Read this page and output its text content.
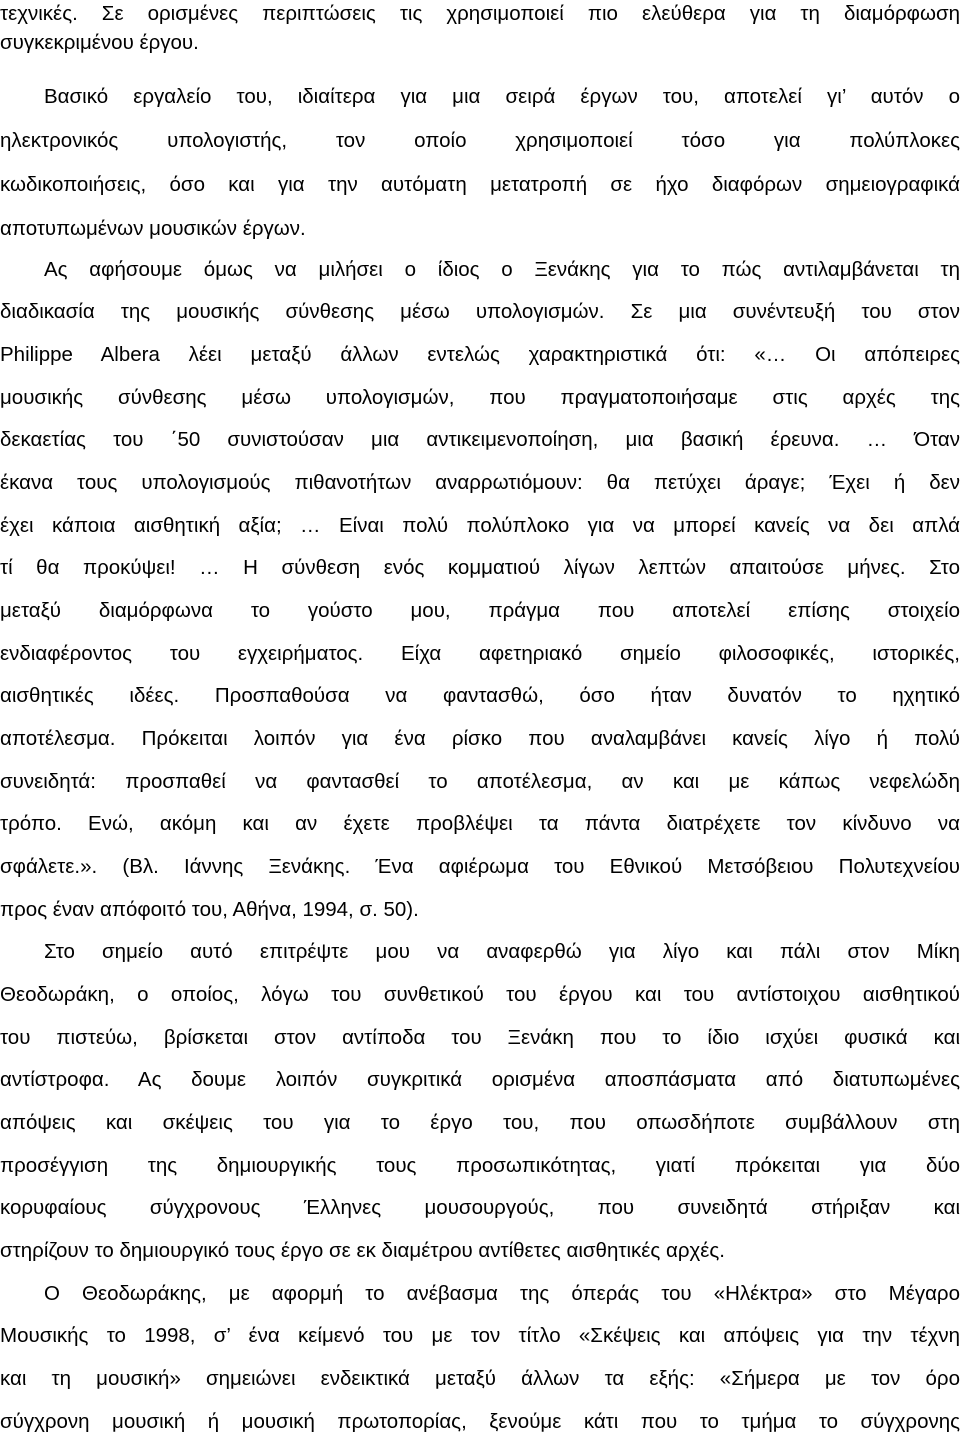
τεχνικές. Σε ορισμένες περιπτώσεις τις χρησιμοποιεί πιο ελεύθερα για τη διαμόρφωση
συγκεκριμένου έργου.
Βασικό εργαλείο του, ιδιαίτερα για μια σειρά έργων του, αποτελεί γι’ αυτόν ο
ηλεκτρονικός υπολογιστής, τον οποίο χρησιμοποιεί τόσο για πολύπλοκες
κωδικοποιήσεις, όσο και για την αυτόματη μετατροπή σε ήχο διαφόρων σημειογραφικά
αποτυπωμένων μουσικών έργων.
Ας αφήσουμε όμως να μιλήσει ο ίδιος ο Ξενάκης για το πώς αντιλαμβάνεται τη
διαδικασία της μουσικής σύνθεσης μέσω υπολογισμών. Σε μια συνέντευξή του στον
Philippe Albera λέει μεταξύ άλλων εντελώς χαρακτηριστικά ότι: «… Οι απόπειρες
μουσικής σύνθεσης μέσω υπολογισμών, που πραγματοποιήσαμε στις αρχές της
δεκαετίας του ΄50 συνιστούσαν μια αντικειμενοποίηση, μια βασική έρευνα. … Όταν
έκανα τους υπολογισμούς πιθανοτήτων αναρρωτιόμουν: θα πετύχει άραγε; Έχει ή δεν
έχει κάποια αισθητική αξία; … Είναι πολύ πολύπλοκο για να μπορεί κανείς να δει απλά
τί θα προκύψει! … Η σύνθεση ενός κομματιού λίγων λεπτών απαιτούσε μήνες. Στο
μεταξύ διαμόρφωνα το γούστο μου, πράγμα που αποτελεί επίσης στοιχείο
ενδιαφέροντος του εγχειρήματος. Είχα αφετηριακό σημείο φιλοσοφικές, ιστορικές,
αισθητικές ιδέες. Προσπαθούσα να φαντασθώ, όσο ήταν δυνατόν το ηχητικό
αποτέλεσμα. Πρόκειται λοιπόν για ένα ρίσκο που αναλαμβάνει κανείς λίγο ή πολύ
συνειδητά: προσπαθεί να φαντασθεί το αποτέλεσμα, αν και με κάπως νεφελώδη
τρόπο. Ενώ, ακόμη και αν έχετε προβλέψει τα πάντα διατρέχετε τον κίνδυνο να
σφάλετε.». (Βλ. Ιάννης Ξενάκης. Ένα αφιέρωμα του Εθνικού Μετσόβειου Πολυτεχνείου
προς έναν απόφοιτό του, Αθήνα, 1994, σ. 50).
Στο σημείο αυτό επιτρέψτε μου να αναφερθώ για λίγο και πάλι στον Μίκη
Θεοδωράκη, ο οποίος, λόγω του συνθετικού του έργου και του αντίστοιχου αισθητικού
του πιστεύω, βρίσκεται στον αντίποδα του Ξενάκη που το ίδιο ισχύει φυσικά και
αντίστροφα. Ας δουμε λοιπόν συγκριτικά ορισμένα αποσπάσματα από διατυπωμένες
απόψεις και σκέψεις του για το έργο του, που οπωσδήποτε συμβάλλουν στη
προσέγγιση της δημιουργικής τους προσωπικότητας, γιατί πρόκειται για δύο
κορυφαίους σύγχρονους Έλληνες μουσουργούς, που συνειδητά στήριξαν και
στηρίζουν το δημιουργικό τους έργο σε εκ διαμέτρου αντίθετες αισθητικές αρχές.
Ο Θεοδωράκης, με αφορμή το ανέβασμα της όπεράς του «Ηλέκτρα» στο Μέγαρο
Μουσικής το 1998, σ’ ένα κείμενό του με τον τίτλο «Σκέψεις και απόψεις για την τέχνη
και τη μουσική» σημειώνει ενδεικτικά μεταξύ άλλων τα εξής: «Σήμερα με τον όρο
σύγχρονη μουσική ή μουσική πρωτοπορίας, ξενούμε κάτι που το τμήμα το σύγχρονης
